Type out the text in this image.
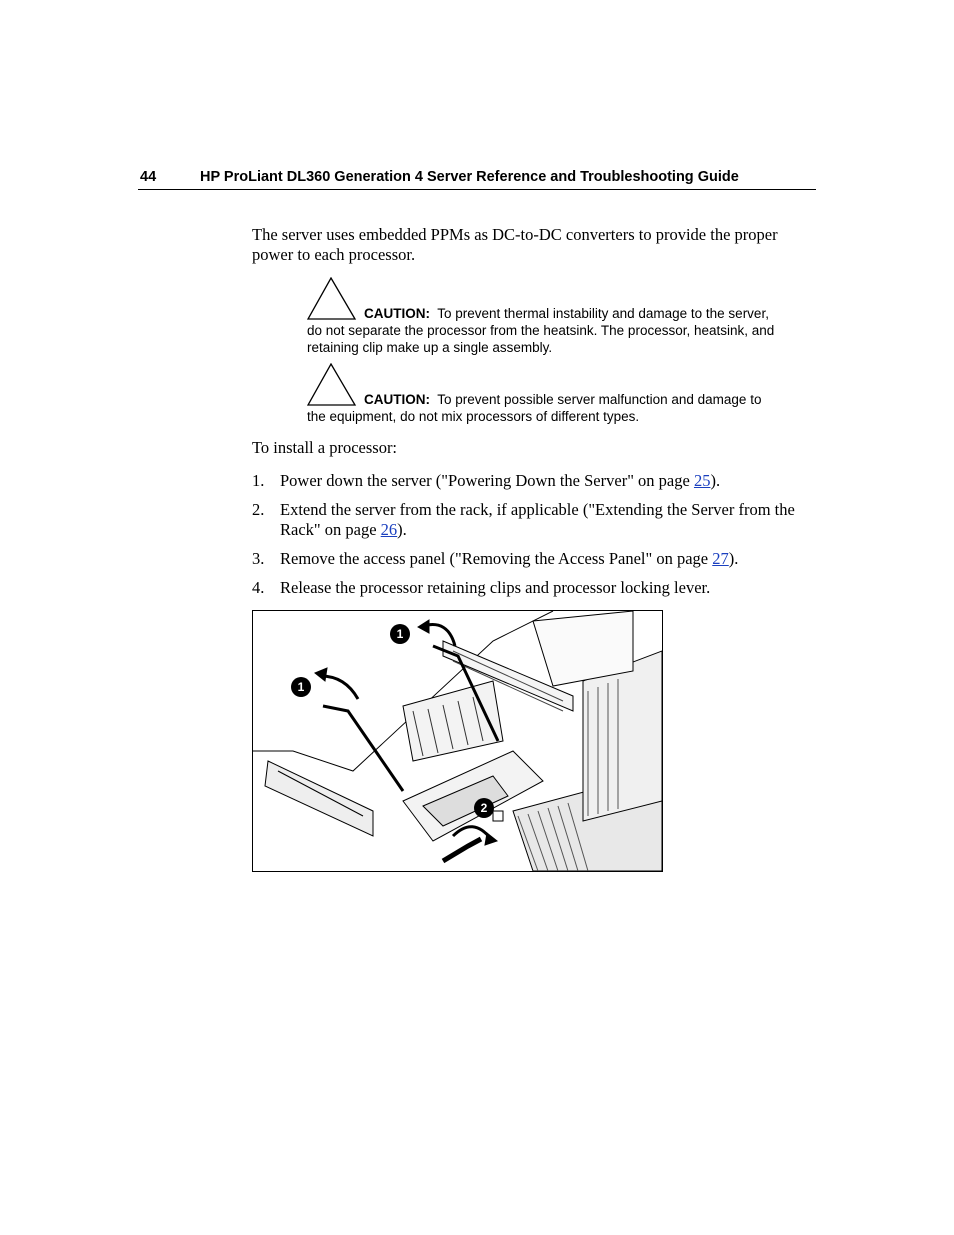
44	HP ProLiant DL360 Generation 4 Server Reference and Troubleshooting Guide
The server uses embedded PPMs as DC-to-DC converters to provide the proper power to each processor.
CAUTION: To prevent thermal instability and damage to the server, do not separate the processor from the heatsink. The processor, heatsink, and retaining clip make up a single assembly.
CAUTION: To prevent possible server malfunction and damage to the equipment, do not mix processors of different types.
To install a processor:
1. Power down the server ("Powering Down the Server" on page 25).
2. Extend the server from the rack, if applicable ("Extending the Server from the Rack" on page 26).
3. Remove the access panel ("Removing the Access Panel" on page 27).
4. Release the processor retaining clips and processor locking lever.
1
1
2
